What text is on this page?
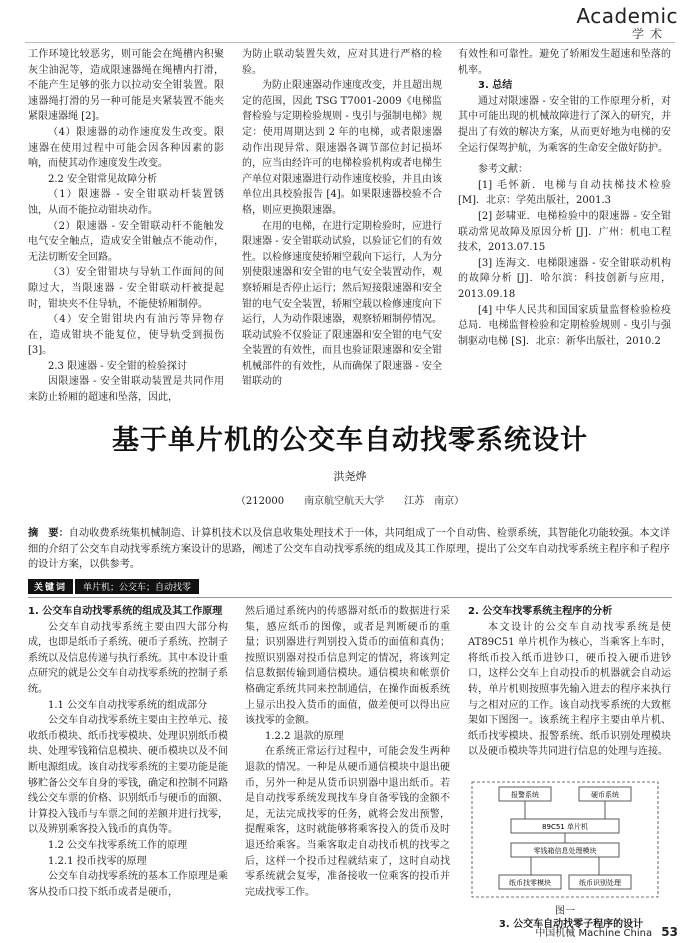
Academic
学术

工作环境比较恶劣，则可能会在绳槽内积聚灰尘油泥等，造成限速器绳在绳槽内打滑，不能产生足够的张力以拉动安全钳装置。限速器绳打滑的另一种可能是夹紧装置不能夹紧限速器绳 [2]。

（4）限速器的动作速度发生改变。限速器在使用过程中可能会因各种因素的影响，而使其动作速度发生改变。

2.2 安全钳常见故障分析

（1）限速器 - 安全钳联动杆装置锈蚀，从而不能拉动钳块动作。

（2）限速器 - 安全钳联动杆不能触发电气安全触点，造成安全钳触点不能动作，无法切断安全回路。

（3）安全钳钳块与导轨工作面间的间隙过大，当限速器 - 安全钳联动杆被提起时，钳块夹不住导轨，不能使轿厢制停。

（4）安全钳钳块内有油污等异物存在，造成钳块不能复位，使导轨受到损伤 [3]。

2.3 限速器 - 安全钳的检验探讨

因限速器 - 安全钳联动装置是共同作用来防止轿厢的超速和坠落，因此，

为防止联动装置失效，应对其进行严格的检验。

为防止限速器动作速度改变，并且超出规定的范围，因此 TSG T7001-2009《电梯监督检验与定期检验规则 - 曳引与强制电梯》规定：使用周期达到 2 年的电梯，或者限速器动作出现异常、限速器各调节部位封记损坏的，应当由经许可的电梯检验机构或者电梯生产单位对限速器进行动作速度校验，并且由该单位出具校验报告 [4]。如果限速器校验不合格，则应更换限速器。

在用的电梯，在进行定期检验时，应进行限速器 - 安全钳联动试验，以验证它们的有效性。以检修速度使轿厢空载向下运行，人为分别使限速器和安全钳的电气安全装置动作，观察轿厢是否停止运行；然后短接限速器和安全钳的电气安全装置，轿厢空载以检修速度向下运行，人为动作限速器，观察轿厢制停情况。联动试验不仅验证了限速器和安全钳的电气安全装置的有效性，而且也验证限速器和安全钳机械部件的有效性，从而确保了限速器 - 安全钳联动的

有效性和可靠性。避免了轿厢发生超速和坠落的机率。

3. 总结

通过对限速器 - 安全钳的工作原理分析，对其中可能出现的机械故障进行了深入的研究，并提出了有效的解决方案，从而更好地为电梯的安全运行保驾护航，为乘客的生命安全做好防护。

参考文献：

[1] 毛怀新．电梯与自动扶梯技术检验 [M]．北京：学苑出版社，2001.3

[2] 彭啸亚．电梯检验中的限速器 - 安全钳联动常见故障及原因分析 [J]．广州：机电工程技术，2013.07.15

[3] 连海文．电梯限速器 - 安全钳联动机构的故障分析 [J]．哈尔滨：科技创新与应用，2013.09.18

[4] 中华人民共和国国家质量监督检验检疫总局．电梯监督检验和定期检验规则 - 曳引与强制驱动电梯 [S]．北京：新华出版社，2010.2

基于单片机的公交车自动找零系统设计
洪尧烨
（212000　　南京航空航天大学　　江苏　南京）
摘　要：自动收费系统集机械制造、计算机技术以及信息收集处理技术于一体，共同组成了一个自动售、检票系统，其智能化功能较强。本文详细的介绍了公交车自动找零系统方案设计的思路，阐述了公交车自动找零系统的组成及其工作原理，提出了公交车自动找零系统主程序和子程序的设计方案，以供参考。
关键词	单片机；公交车；自动找零

1. 公交车自动找零系统的组成及其工作原理

公交车自动找零系统主要由四大部分构成，也即是纸币子系统、硬币子系统、控制子系统以及信息传递与执行系统。其中本设计重点研究的就是公交车自动找零系统的控制子系统。

1.1 公交车自动找零系统的组成部分

公交车自动找零系统主要由主控单元、接收纸币模块、纸币找零模块、处理识别纸币模块、处理零钱箱信息模块、硬币模块以及不间断电源组成。该自动找零系统的主要功能是能够贮备公交车自身的零钱，确定和控制不同路线公交车票的价格、识别纸币与硬币的面额、计算投入钱币与车票之间的差额并进行找零，以及辨别乘客投入钱币的真伪等。

1.2 公交车找零系统工作的原理

1.2.1 投币找零的原理

公交车自动找零系统的基本工作原理是乘客从投币口投下纸币或者是硬币，

然后通过系统内的传感器对纸币的数据进行采集，感应纸币的图像，或者是判断硬币的重量；识别器进行判别投入货币的面值和真伪；按照识别器对投币信息判定的情况，将该判定信息数据传输到通信模块。通信模块和帐票价格确定系统共同来控制通信，在操作面板系统上显示出投入货币的面值，做差便可以得出应该找零的金额。

1.2.2 退款的原理

在系统正常运行过程中，可能会发生两种退款的情况。一种是从硬币通信模块中退出硬币，另外一种是从货币识别器中退出纸币。若是自动找零系统发现找车身自备零钱的金额不足，无法完成找零的任务，就将会发出预警，提醒乘客，这时就能够将乘客投入的货币及时退还给乘客。当乘客取走自动找币机的找零之后，这样一个投币过程就结束了，这时自动找零系统就会复零，准备接收一位乘客的投币并完成找零工作。

2. 公交车找零系统主程序的分析

本文设计的公交车自动找零系统是使 AT89C51 单片机作为核心，当乘客上车时，将纸币投入纸币进钞口，硬币投入硬币进钞口，这样公交车上自动投币的机器就会自动运转，单片机则按照事先输入进去的程序来执行与之相对应的工作。该自动找零系统的大致框架如下图图一。该系统主程序主要由单片机、纸币找零模块、报警系统、纸币识别处理模块以及硬币模块等共同进行信息的处理与连接。

报警系统	硬币系统
89C51 单片机
零钱箱信息处理模块
纸币找零模块	纸币识别处理
图一
3. 公交车自动找零子程序的设计
中国机械 Machine China 53
